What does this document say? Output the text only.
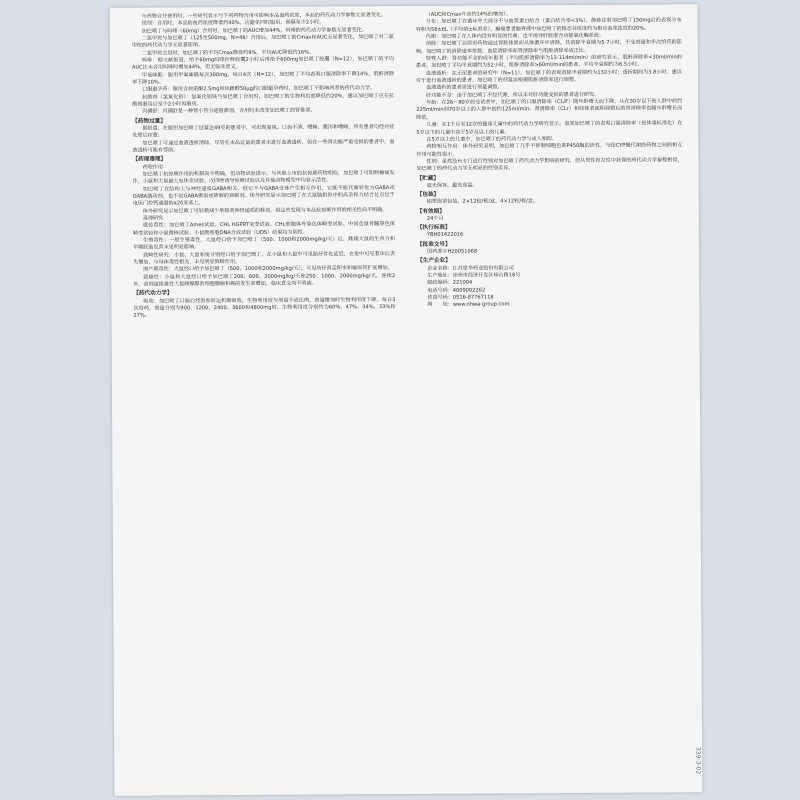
与药物合并使用时，一些研究显示与下列药物合用可影响本品血药浓度，本品的药代动力学参数无显著变化。

镁剂：合用时，本品的血药浓度降低约40%，应避免同时服用，间隔至少2小时。

加巴喷丁与吗啡（60mg）合用时，加巴喷丁的AUC增加44%，吗啡的药代动力学参数无显著变化。

二氯甲烷与加巴喷丁（125至500mg，N=48）合用后，加巴喷丁的Cmax和AUC无显著变化，加巴喷丁对二氯甲烷的药代动力学无显著影响。

二氯甲烷合用时，加巴喷丁的平均Cmax降低约9%，平均AUC降低约16%。

吗啡：据文献报道，给予60mg吗啡控释胶囊2小时后再给予600mg加巴喷丁胶囊（N=12），加巴喷丁的平均AUC比未合用吗啡时增加44%，但无临床意义。

甲氧咪胍：服用甲氧咪胍每次300mg，每日4次（N=12），加巴喷丁平均表观口服清除率下降14%，肌酐清除率下降10%。

口服避孕药：服用含炔诺酮2.5mg和炔雌醇50μg的口服避孕药时，加巴喷丁不影响两者的药代动力学。

抗酸剂（氢氧化铝）：氢氧化铝镁与加巴喷丁合用时，加巴喷丁的生物利用度降低约20%，建议加巴喷丁应在抗酸剂服用后至少2小时再服用。

丙磺舒：丙磺舒是一种肾小管分泌阻滞剂，合用时未改变加巴喷丁的肾排泄。

【药物过量】

据报道，在服用加巴喷丁过量达49克的患者中，可出现复视、口齿不清、嗜睡、腹泻和嗜睡，所有患者均经对症处理后痊愈。

加巴喷丁可通过血液透析清除。尽管在本品过量的患者未进行血液透析，但在一些肾功能严重受损的患者中，血液透析可能有帮助。

【药理毒理】

药理作用

加巴喷丁抗惊厥作用的机制尚不明确，但动物试验提示，与其他上市的抗惊厥药物相似，加巴喷丁可阻断癫痫发作，小鼠和大鼠最大电休克试验、戊四唑诱导惊厥试验以及其他动物模型中均显示活性。

加巴喷丁在结构上与神经递质GABA相关，但它不与GABA受体产生相互作用，它既不能代谢转化为GABA或GABA激动剂，也不是GABA摄取或降解的抑制剂。体外研究显示加巴喷丁在大鼠脑组织中的高亲和力结合位点位于电压门控钙通道的α2δ亚基上。

体外研究显示加巴喷丁可轻微减少单胺类神经递质的释放，但这些发现与本品抗惊厥作用的相关性尚不明确。

毒理研究

遗传毒性：加巴喷丁Ames试验、CHL HGPRT突变试验、CHL细胞体外染色体畸变试验、中国仓鼠骨髓染色体畸变试验和小鼠微核试验、小鼠腹细胞DNA合成试验（UDS）结果均为阴性。

生殖毒性：一般生殖毒性，大鼠经口给予加巴喷丁（500、1000和2000mg/kg/天）后，雌雄大鼠的生育力和早期胚胎发育未见明显影响。

致畸性研究：小鼠、大鼠和兔分别经口给予加巴喷丁，在小鼠和大鼠中可见胎仔骨化延迟，在兔中可见着床后丢失增加，与母体毒性相关，未见明显致畸作用。

围产期毒性：大鼠经口给予加巴喷丁（500、1000和2000mg/kg/天），可见幼仔肾盂积水和输尿管扩张增加。

致癌性：小鼠和大鼠经口给予加巴喷丁200、600、2000mg/kg/天和250、1000、2000mg/kg/天，连续2年，高剂量组雄性大鼠胰腺腺泡细胞腺瘤和癌的发生率增加，临床意义尚不明确。

【药代动力学】

吸收：加巴喷丁口服后经饱和转运机制吸收，生物利用度与剂量不成比例，剂量增加时生物利用度下降。每日3次给药，剂量分别为900、1200、2400、3600和4800mg时，生物利用度分别约为60%、47%、34%、33%和27%。

（AUC和Cmax升高约14%的增加）。

分布：加巴喷丁在循环中大部分不与血浆蛋白结合（蛋白结合率<3%），静脉注射加巴喷丁150mg后的表观分布容积为58±6L（平均值±标准差），癫痫患者脑脊液中加巴喷丁的稳态谷浓度约为相应血浆浓度的20%。

代谢：加巴喷丁在人体内没有明显的代谢，也不诱导肝脏混合功能氧化酶系统。

消除：加巴喷丁以原形药物通过肾脏排泄而从体循环中清除，其消除半衰期为5-7小时，不受剂量和多次给药的影响。加巴喷丁的消除速率常数、血浆清除率和肾清除率与肌酐清除率成正比。

特殊人群：肾功能不全的成年患者（平均肌酐清除率为13-114ml/min）的研究显示，肌酐清除率<30ml/min的患者，加巴喷丁平均半衰期约为52小时，肌酐清除率>60ml/min的患者，平均半衰期约为6.5小时。

血液透析：在无尿患者的研究中（N=11），加巴喷丁的表观消除半衰期约为132小时；透析期间为3.8小时。建议对于进行血液透析的患者，加巴喷丁的剂量需根据肌酐清除率进行调整。

血液透析的患者需进行剂量调整。

肝功能不全：由于加巴喷丁不经代谢，所以未对肝功能受损的患者进行研究。

年龄：在26～80岁的受试者中，加巴喷丁的口服清除率（CL/F）随年龄增大而下降，从在30岁以下的人群中的约225ml/min到70岁以上的人群中的约125ml/min。肾清除率（CLr）和经体表面积调整后的肾清除率也随年龄增长而降低。

儿童：在1个月至12岁的健康儿童中的药代动力学研究显示，血浆加巴喷丁的表观口服清除率（按体重标准化）在5岁以下的儿童中高于5岁及以上的儿童。

在5岁以上的儿童中，加巴喷丁的药代动力学与成人相似。

药物相互作用：体外研究表明，加巴喷丁几乎不抑制细胞色素P450酶的活性，与经CYP酶代谢的药物之间的相互作用可能性很小。

性别：虽然没有专门进行性别对加巴喷丁药代动力学影响的研究，但从男性和女性中获得的药代动力学参数相似，加巴喷丁的药代动力学无明显的性别差异。

【贮藏】

遮光保存，避免高温。

【包装】

铝塑泡罩包装，2×12粒/板/盒，4×12粒/板/盒。

【有效期】

24个月

【执行标准】

YBH01422016

【批准文号】

国药准字H20051068

【生产企业】

企业名称：江苏恩华药业股份有限公司

生产地址：徐州市经济开发区杨山路18号

邮政编码：221004

电话号码：4009002262

传真号码：0516-87767118

网　　址：www.nhwa-group.com

339-3-02
